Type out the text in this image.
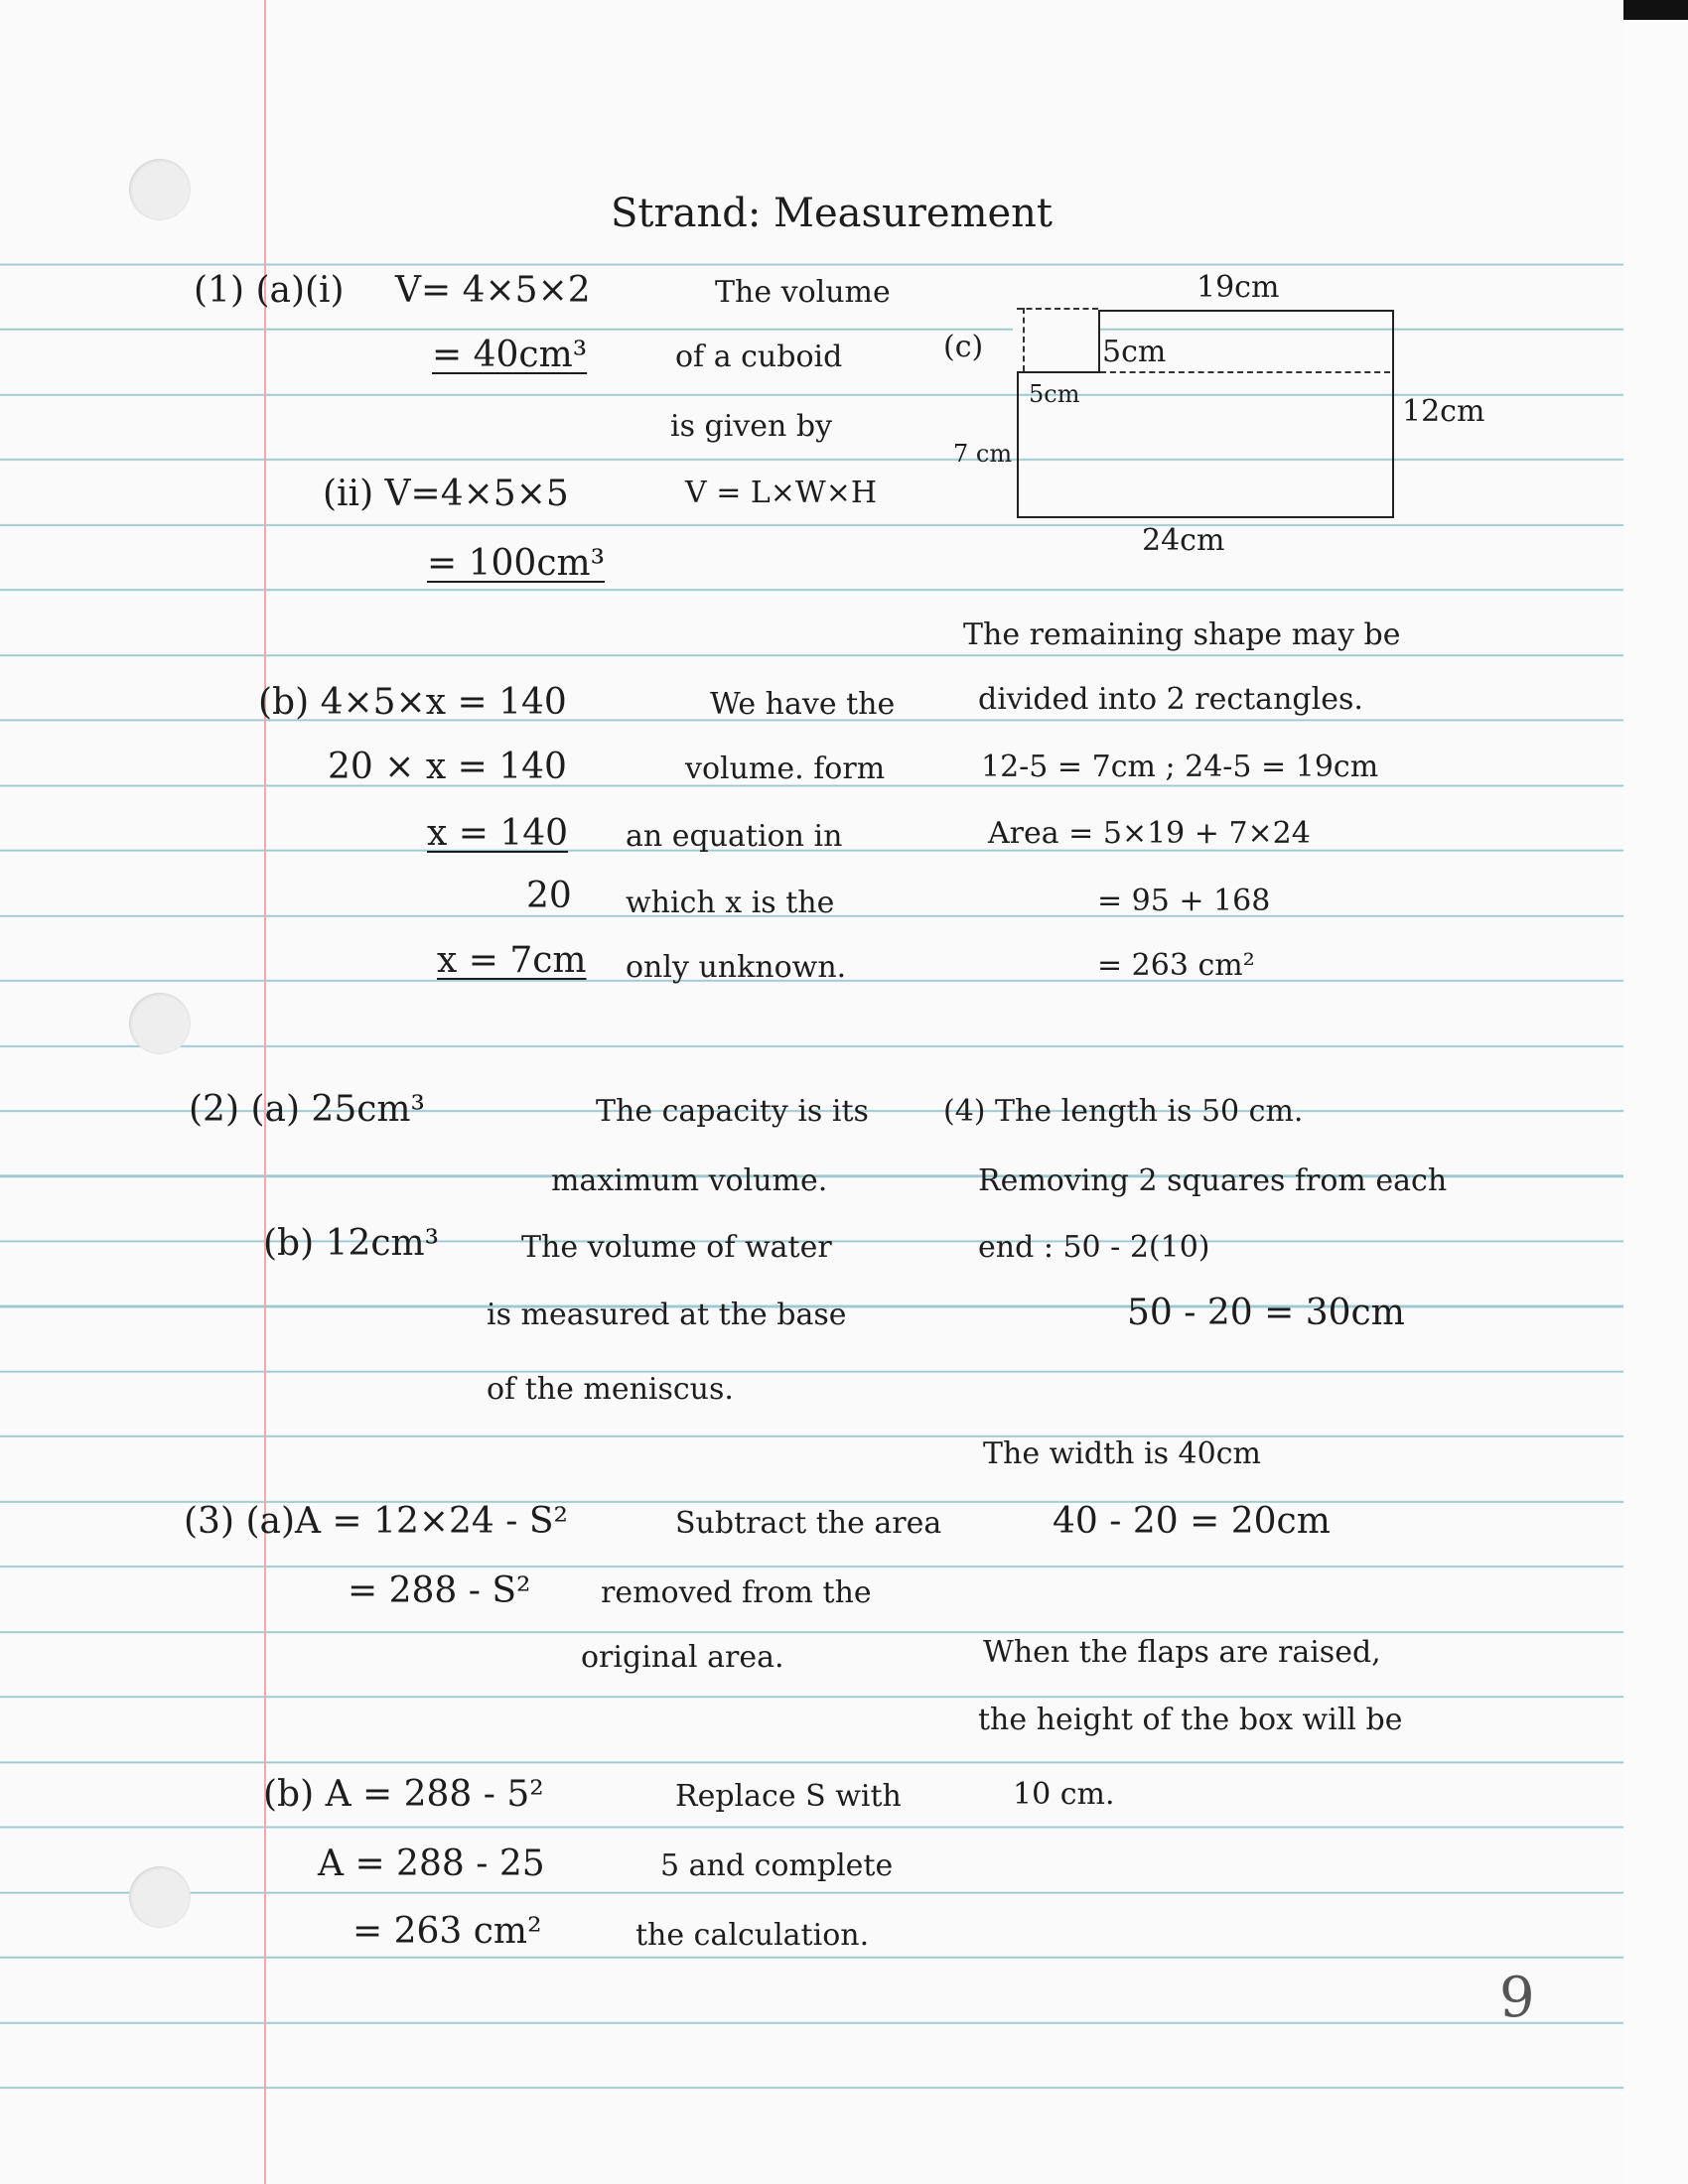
Strand: Measurement
(1) (a)(i) V= 4×5×2
= 40cm³
The volume
of a cuboid
is given by
V = L×W×H
(ii) V=4×5×5
= 100cm³
(c)
19cm
5cm
5cm	12cm
7 cm
24cm
(b) 4×5×x = 140
20 × x = 140
x = 140
20
x = 7cm
We have the
volume. form
an equation in
which x is the
only unknown.
The remaining shape may be
divided into 2 rectangles.
12-5 = 7cm ; 24-5 = 19cm
Area = 5×19 + 7×24
= 95 + 168
= 263 cm²
(2) (a) 25cm³	The capacity is its
maximum volume.
(b) 12cm³	The volume of water
is measured at the base
of the meniscus.
(4) The length is 50 cm.
Removing 2 squares from each
end : 50 - 2(10)
50 - 20 = 30cm
The width is 40cm
40 - 20 = 20cm
When the flaps are raised,
the height of the box will be
10 cm.
(3) (a)A = 12×24 - S²
= 288 - S²
Subtract the area
removed from the
original area.
(b) A = 288 - 5²
A = 288 - 25
= 263 cm²
Replace S with
5 and complete
the calculation.
9
